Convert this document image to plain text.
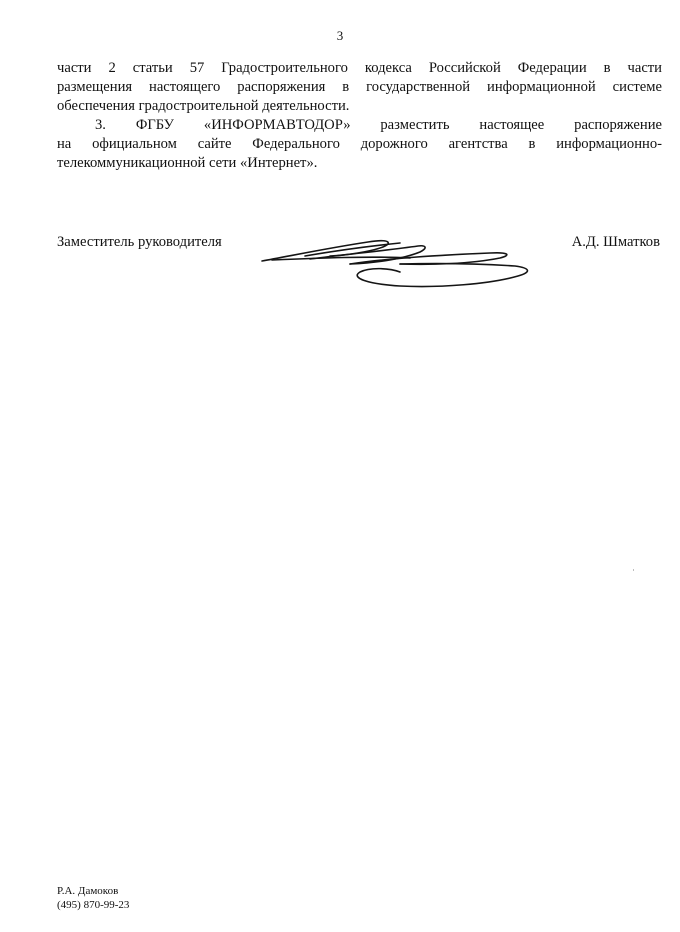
3
части 2 статьи 57 Градостроительного кодекса Российской Федерации в части
размещения настоящего распоряжения в государственной информационной системе
обеспечения градостроительной деятельности.
3. ФГБУ «ИНФОРМАВТОДОР» разместить настоящее распоряжение
на официальном сайте Федерального дорожного агентства в информационно-
телекоммуникационной сети «Интернет».
Заместитель руководителя	А.Д. Шматков
Р.А. Дамоков
(495) 870-99-23
